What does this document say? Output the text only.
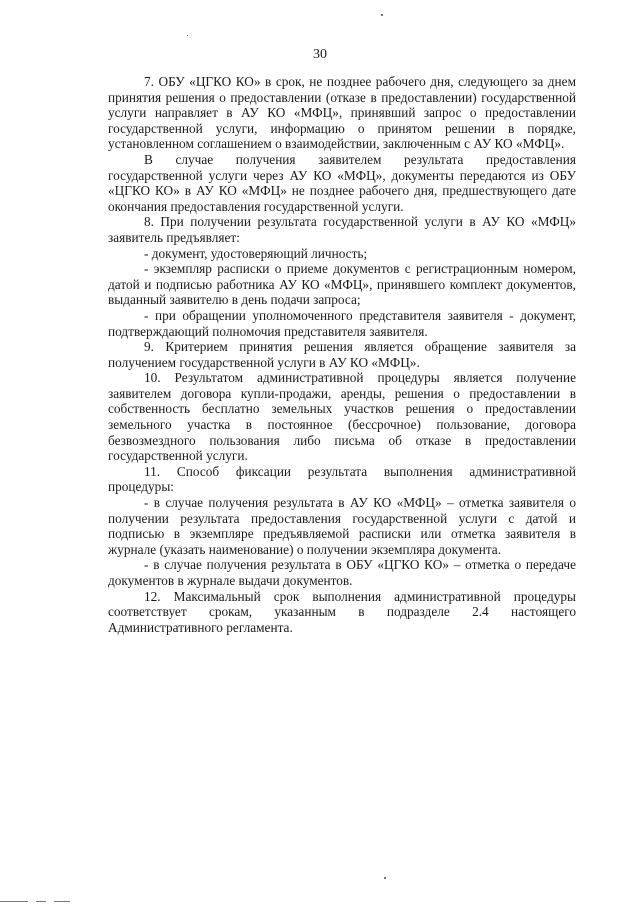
30

7. ОБУ «ЦГКО КО» в срок, не позднее рабочего дня, следующего за днем принятия решения о предоставлении (отказе в предоставлении) государственной услуги направляет в АУ КО «МФЦ», принявший запрос о предоставлении государственной услуги, информацию о принятом решении в порядке, установленном соглашением о взаимодействии, заключенным с АУ КО «МФЦ».

В случае получения заявителем результата предоставления государственной услуги через АУ КО «МФЦ», документы передаются из ОБУ «ЦГКО КО» в АУ КО «МФЦ» не позднее рабочего дня, предшествующего дате окончания предоставления государственной услуги.

8. При получении результата государственной услуги в АУ КО «МФЦ» заявитель предъявляет:

- документ, удостоверяющий личность;

- экземпляр расписки о приеме документов с регистрационным номером, датой и подписью работника АУ КО «МФЦ», принявшего комплект документов, выданный заявителю в день подачи запроса;

- при обращении уполномоченного представителя заявителя - документ, подтверждающий полномочия представителя заявителя.

9. Критерием принятия решения является обращение заявителя за получением государственной услуги в АУ КО «МФЦ».

10. Результатом административной процедуры является получение заявителем договора купли-продажи, аренды, решения о предоставлении в собственность бесплатно земельных участков решения о предоставлении земельного участка в постоянное (бессрочное) пользование, договора безвозмездного пользования либо письма об отказе в предоставлении государственной услуги.

11. Способ фиксации результата выполнения административной процедуры:

- в случае получения результата в АУ КО «МФЦ» – отметка заявителя о получении результата предоставления государственной услуги с датой и подписью в экземпляре предъявляемой расписки или отметка заявителя в журнале (указать наименование) о получении экземпляра документа.

- в случае получения результата в ОБУ «ЦГКО КО» – отметка о передаче документов в журнале выдачи документов.

12. Максимальный срок выполнения административной процедуры соответствует срокам, указанным в подразделе 2.4 настоящего Административного регламента.
